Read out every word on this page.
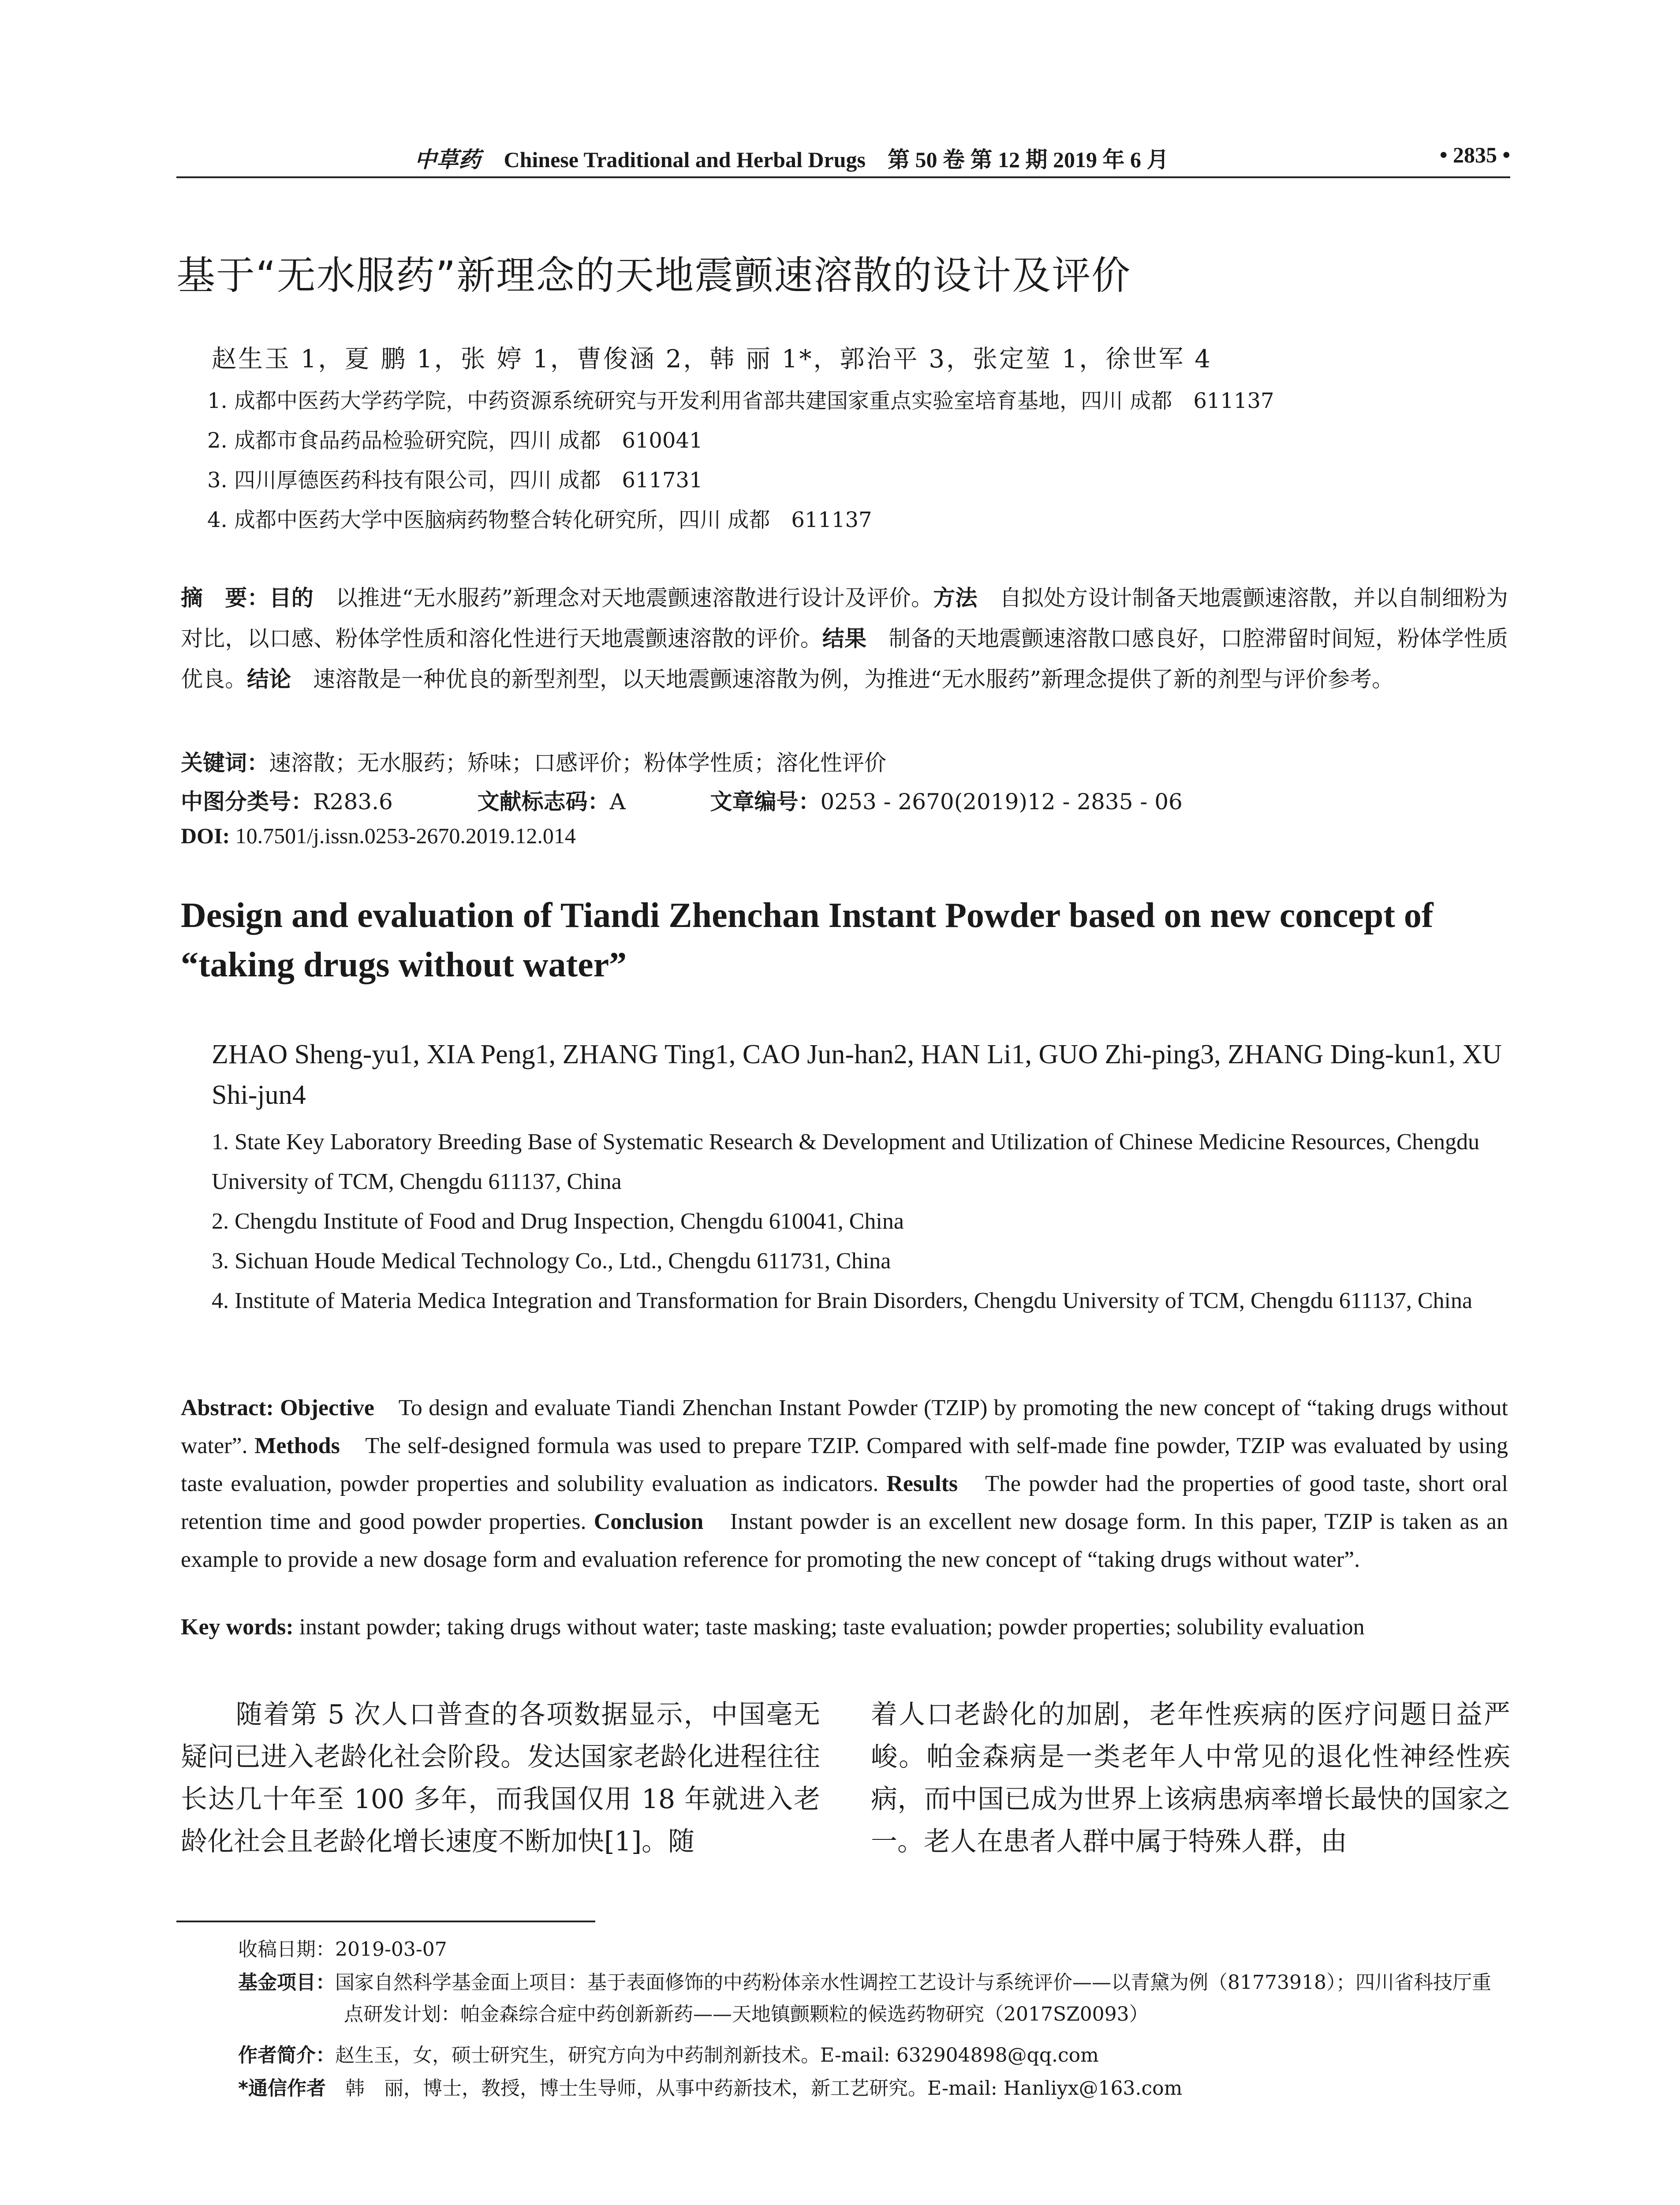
中草药 Chinese Traditional and Herbal Drugs　第 50 卷 第 12 期 2019 年 6 月	• 2835 •
基于“无水服药”新理念的天地震颤速溶散的设计及评价
赵生玉 1，夏 鹏 1，张 婷 1，曹俊涵 2，韩 丽 1*，郭治平 3，张定堃 1，徐世军 4
1. 成都中医药大学药学院，中药资源系统研究与开发利用省部共建国家重点实验室培育基地，四川 成都　611137
2. 成都市食品药品检验研究院，四川 成都　610041
3. 四川厚德医药科技有限公司，四川 成都　611731
4. 成都中医药大学中医脑病药物整合转化研究所，四川 成都　611137
摘　要：目的　以推进“无水服药”新理念对天地震颤速溶散进行设计及评价。方法　自拟处方设计制备天地震颤速溶散，并以自制细粉为对比，以口感、粉体学性质和溶化性进行天地震颤速溶散的评价。结果　制备的天地震颤速溶散口感良好，口腔滞留时间短，粉体学性质优良。结论　速溶散是一种优良的新型剂型，以天地震颤速溶散为例，为推进“无水服药”新理念提供了新的剂型与评价参考。
关键词：速溶散；无水服药；矫味；口感评价；粉体学性质；溶化性评价
中图分类号：R283.6	文献标志码：A	文章编号：0253 - 2670(2019)12 - 2835 - 06
DOI: 10.7501/j.issn.0253-2670.2019.12.014
Design and evaluation of Tiandi Zhenchan Instant Powder based on new concept of “taking drugs without water”
ZHAO Sheng-yu1, XIA Peng1, ZHANG Ting1, CAO Jun-han2, HAN Li1, GUO Zhi-ping3, ZHANG Ding-kun1, XU Shi-jun4
1. State Key Laboratory Breeding Base of Systematic Research & Development and Utilization of Chinese Medicine Resources, Chengdu University of TCM, Chengdu 611137, China
2. Chengdu Institute of Food and Drug Inspection, Chengdu 610041, China
3. Sichuan Houde Medical Technology Co., Ltd., Chengdu 611731, China
4. Institute of Materia Medica Integration and Transformation for Brain Disorders, Chengdu University of TCM, Chengdu 611137, China
Abstract: Objective　To design and evaluate Tiandi Zhenchan Instant Powder (TZIP) by promoting the new concept of “taking drugs without water”. Methods　The self-designed formula was used to prepare TZIP. Compared with self-made fine powder, TZIP was evaluated by using taste evaluation, powder properties and solubility evaluation as indicators. Results　The powder had the properties of good taste, short oral retention time and good powder properties. Conclusion　Instant powder is an excellent new dosage form. In this paper, TZIP is taken as an example to provide a new dosage form and evaluation reference for promoting the new concept of “taking drugs without water”.
Key words: instant powder; taking drugs without water; taste masking; taste evaluation; powder properties; solubility evaluation
　　随着第 5 次人口普查的各项数据显示，中国毫无疑问已进入老龄化社会阶段。发达国家老龄化进程往往长达几十年至 100 多年，而我国仅用 18 年就进入老龄化社会且老龄化增长速度不断加快[1]。随
着人口老龄化的加剧，老年性疾病的医疗问题日益严峻。帕金森病是一类老年人中常见的退化性神经性疾病，而中国已成为世界上该病患病率增长最快的国家之一。老人在患者人群中属于特殊人群，由
收稿日期：2019-03-07
基金项目：国家自然科学基金面上项目：基于表面修饰的中药粉体亲水性调控工艺设计与系统评价——以青黛为例（81773918）；四川省科技厅重点研发计划：帕金森综合症中药创新新药——天地镇颤颗粒的候选药物研究（2017SZ0093）
作者简介：赵生玉，女，硕士研究生，研究方向为中药制剂新技术。E-mail: 632904898@qq.com
*通信作者　韩　丽，博士，教授，博士生导师，从事中药新技术，新工艺研究。E-mail: Hanliyx@163.com
